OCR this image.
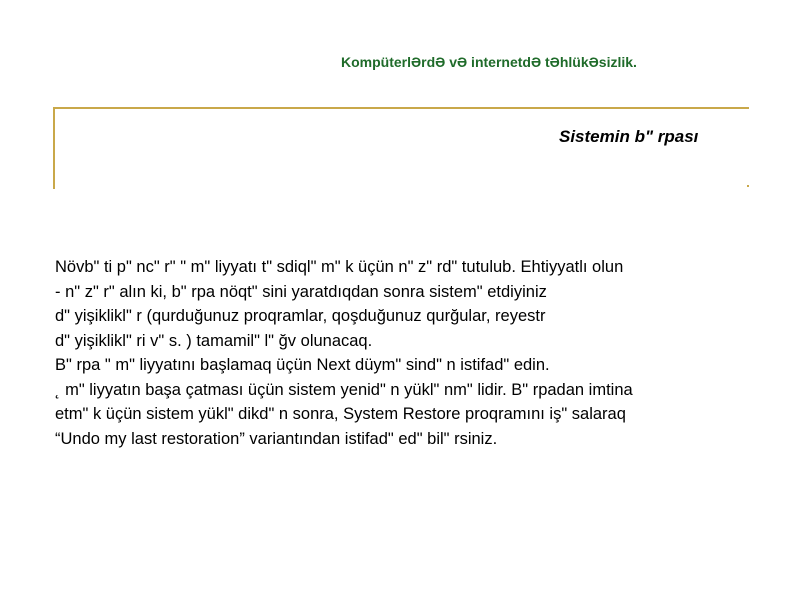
KompüterlƏrdƏ vƏ internetdƏ tƏhlükƏsizlik.
Sistemin b" rpası
Növb" ti p" nc" r" " m" liyyatı t" sdiql" m" k üçün n" z" rd" tutulub. Ehtiyyatlı olun
- n" z" r" alın ki, b" rpa nöqt" sini yaratdıqdan sonra sistem" etdiyiniz
d" yişiklikl" r (qurduğunuz proqramlar, qoşduğunuz qurğular, reyestr
d" yişiklikl" ri v" s. ) tamamil" l" ğv olunacaq.
B" rpa " m" liyyatını başlamaq üçün Next düym" sind" n istifad" edin.
˛ m" liyyatın başa çatması üçün sistem yenid" n yükl" nm" lidir. B" rpadan imtina
etm" k üçün sistem yükl" dikd" n sonra, System Restore proqramını iş" salaraq
“Undo my last restoration” variantından istifad" ed" bil" rsiniz.
